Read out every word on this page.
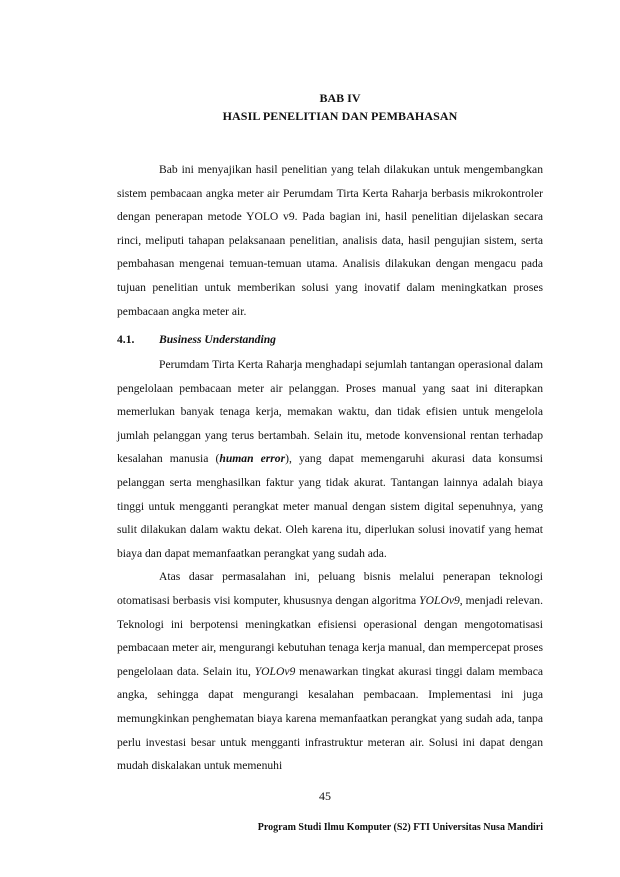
BAB IV
HASIL PENELITIAN DAN PEMBAHASAN

Bab ini menyajikan hasil penelitian yang telah dilakukan untuk mengembangkan sistem pembacaan angka meter air Perumdam Tirta Kerta Raharja berbasis mikrokontroler dengan penerapan metode YOLO v9. Pada bagian ini, hasil penelitian dijelaskan secara rinci, meliputi tahapan pelaksanaan penelitian, analisis data, hasil pengujian sistem, serta pembahasan mengenai temuan-temuan utama. Analisis dilakukan dengan mengacu pada tujuan penelitian untuk memberikan solusi yang inovatif dalam meningkatkan proses pembacaan angka meter air.

4.1. Business Understanding

Perumdam Tirta Kerta Raharja menghadapi sejumlah tantangan operasional dalam pengelolaan pembacaan meter air pelanggan. Proses manual yang saat ini diterapkan memerlukan banyak tenaga kerja, memakan waktu, dan tidak efisien untuk mengelola jumlah pelanggan yang terus bertambah. Selain itu, metode konvensional rentan terhadap kesalahan manusia (human error), yang dapat memengaruhi akurasi data konsumsi pelanggan serta menghasilkan faktur yang tidak akurat. Tantangan lainnya adalah biaya tinggi untuk mengganti perangkat meter manual dengan sistem digital sepenuhnya, yang sulit dilakukan dalam waktu dekat. Oleh karena itu, diperlukan solusi inovatif yang hemat biaya dan dapat memanfaatkan perangkat yang sudah ada.

Atas dasar permasalahan ini, peluang bisnis melalui penerapan teknologi otomatisasi berbasis visi komputer, khususnya dengan algoritma YOLOv9, menjadi relevan. Teknologi ini berpotensi meningkatkan efisiensi operasional dengan mengotomatisasi pembacaan meter air, mengurangi kebutuhan tenaga kerja manual, dan mempercepat proses pengelolaan data. Selain itu, YOLOv9 menawarkan tingkat akurasi tinggi dalam membaca angka, sehingga dapat mengurangi kesalahan pembacaan. Implementasi ini juga memungkinkan penghematan biaya karena memanfaatkan perangkat yang sudah ada, tanpa perlu investasi besar untuk mengganti infrastruktur meteran air. Solusi ini dapat dengan mudah diskalakan untuk memenuhi

45
Program Studi Ilmu Komputer (S2) FTI Universitas Nusa Mandiri
